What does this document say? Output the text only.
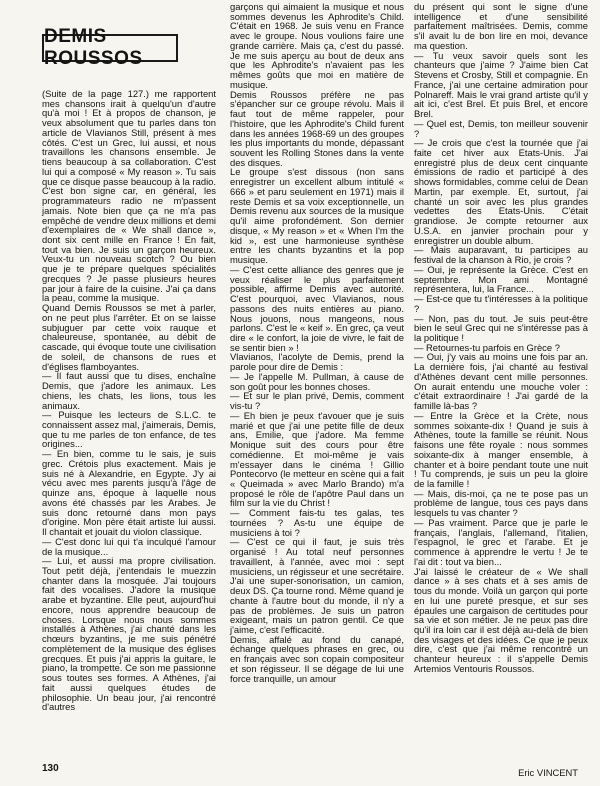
DEMIS ROUSSOS

(Suite de la page 127.) me rapportent mes chansons irait à quelqu'un d'autre qu'à moi ! Et à propos de chanson, je veux absolument que tu parles dans ton article de Vlavianos Still, présent à mes côtés. C'est un Grec, lui aussi, et nous travaillons les chansons ensemble. Je tiens beaucoup à sa collaboration. C'est lui qui a composé « My reason ». Tu sais que ce disque passe beaucoup à la radio. C'est bon signe car, en général, les programmateurs radio ne m'passent jamais. Note bien que ça ne m'a pas empêché de vendre deux millions et demi d'exemplaires de « We shall dance », dont six cent mille en France ! En fait, tout va bien. Je suis un garçon heureux. Veux-tu un nouveau scotch ? Ou bien que je te prépare quelques spécialités grecques ? Je passe plusieurs heures par jour à faire de la cuisine. J'ai ça dans la peau, comme la musique.

Quand Demis Roussos se met à parler, on ne peut plus l'arrêter. Et on se laisse subjuguer par cette voix rauque et chaleureuse, spontanée, au débit de cascade, qui évoque toute une civilisation de soleil, de chansons de rues et d'églises flamboyantes.

— Il faut aussi que tu dises, enchaîne Demis, que j'adore les animaux. Les chiens, les chats, les lions, tous les animaux.

— Puisque les lecteurs de S.L.C. te connaissent assez mal, j'aimerais, Demis, que tu me parles de ton enfance, de tes origines...

— En bien, comme tu le sais, je suis grec. Crétois plus exactement. Mais je suis né à Alexandrie, en Egypte. J'y ai vécu avec mes parents jusqu'à l'âge de quinze ans, époque à laquelle nous avons été chassés par les Arabes. Je suis donc retourné dans mon pays d'origine. Mon père était artiste lui aussi. Il chantait et jouait du violon classique.

— C'est donc lui qui t'a inculqué l'amour de la musique...

— Lui, et aussi ma propre civilisation. Tout petit déjà, j'entendais le muezzin chanter dans la mosquée. J'ai toujours fait des vocalises. J'adore la musique arabe et byzantine. Elle peut, aujourd'hui encore, nous apprendre beaucoup de choses. Lorsque nous nous sommes installés à Athènes, j'ai chanté dans les chœurs byzantins, je me suis pénétré complètement de la musique des églises grecques. Et puis j'ai appris la guitare, le piano, la trompette. Ce son me passionne sous toutes ses formes. A Athènes, j'ai fait aussi quelques études de philosophie. Un beau jour, j'ai rencontré d'autres

garçons qui aimaient la musique et nous sommes devenus les Aphrodite's Child. C'était en 1968. Je suis venu en France avec le groupe. Nous voulions faire une grande carrière. Mais ça, c'est du passé. Je me suis aperçu au bout de deux ans que les Aphrodite's n'avaient pas les mêmes goûts que moi en matière de musique.

Demis Roussos préfère ne pas s'épancher sur ce groupe révolu. Mais il faut tout de même rappeler, pour l'histoire, que les Aphrodite's Child furent dans les années 1968-69 un des groupes les plus importants du monde, dépassant souvent les Rolling Stones dans la vente des disques.

Le groupe s'est dissous (non sans enregistrer un excellent album intitulé « 666 » et paru seulement en 1971) mais il reste Demis et sa voix exceptionnelle, un Demis revenu aux sources de la musique qu'il aime profondément. Son dernier disque, « My reason » et « When I'm the kid », est une harmonieuse synthèse entre les chants byzantins et la pop musique.

— C'est cette alliance des genres que je veux réaliser le plus parfaitement possible, affirme Demis avec autorité. C'est pourquoi, avec Vlavianos, nous passons des nuits entières au piano. Nous jouons, nous mangeons, nous parlons. C'est le « keif ». En grec, ça veut dire « le confort, la joie de vivre, le fait de se sentir bien » !

Vlavianos, l'acolyte de Demis, prend la parole pour dire de Demis :

— Je l'appelle M. Pullman, à cause de son goût pour les bonnes choses.

— Et sur le plan privé, Demis, comment vis-tu ?

— Eh bien je peux t'avouer que je suis marié et que j'ai une petite fille de deux ans, Emilie, que j'adore. Ma femme Monique suit des cours pour être comédienne. Et moi-même je vais m'essayer dans le cinéma ! Gillio Pontecorvo (le metteur en scène qui a fait « Queimada » avec Marlo Brando) m'a proposé le rôle de l'apôtre Paul dans un film sur la vie du Christ !

— Comment fais-tu tes galas, tes tournées ? As-tu une équipe de musiciens à toi ?

— C'est ce qui il faut, je suis très organisé ! Au total neuf personnes travaillent, à l'année, avec moi : sept musiciens, un régisseur et une secrétaire. J'ai une super-sonorisation, un camion, deux DS. Ça tourne rond. Même quand je chante à l'autre bout du monde, il n'y a pas de problèmes. Je suis un patron exigeant, mais un patron gentil. Ce que j'aime, c'est l'efficacité.

Demis, affalé au fond du canapé, échange quelques phrases en grec, ou en français avec son copain compositeur et son régisseur. Il se dégage de lui une force tranquille, un amour

du présent qui sont le signe d'une intelligence et d'une sensibilité parfaitement maîtrisées. Demis, comme s'il avait lu de bon lire en moi, devance ma question.

— Tu veux savoir quels sont les chanteurs que j'aime ? J'aime bien Cat Stevens et Crosby, Still et compagnie. En France, j'ai une certaine admiration pour Polnareff. Mais le vrai grand artiste qu'il y ait ici, c'est Brel. Et puis Brel, et encore Brel.

— Quel est, Demis, ton meilleur souvenir ?

— Je crois que c'est la tournée que j'ai faite cet hiver aux Etats-Unis. J'ai enregistré plus de deux cent cinquante émissions de radio et participé à des shows formidables, comme celui de Dean Martin, par exemple. Et, surtout, j'ai chanté un soir avec les plus grandes vedettes des Etats-Unis. C'était grandiose. Je compte retourner aux U.S.A. en janvier prochain pour y enregistrer un double album.

— Mais auparavant, tu participes au festival de la chanson à Rio, je crois ?

— Oui, je représente la Grèce. C'est en septembre. Mon ami Montagné représentera, lui, la France...

— Est-ce que tu t'intéresses à la politique ?

— Non, pas du tout. Je suis peut-être bien le seul Grec qui ne s'intéresse pas à la politique !

— Retournes-tu parfois en Grèce ?

— Oui, j'y vais au moins une fois par an. La dernière fois, j'ai chanté au festival d'Athènes devant cent mille personnes. On aurait entendu une mouche voler : c'était extraordinaire ! J'ai gardé de la famille là-bas ?

— Entre la Grèce et la Crète, nous sommes soixante-dix ! Quand je suis à Athènes, toute la famille se réunit. Nous faisons une fête royale : nous sommes soixante-dix à manger ensemble, à chanter et à boire pendant toute une nuit ! Tu comprends, je suis un peu la gloire de la famille !

— Mais, dis-moi, ça ne te pose pas un problème de langue, tous ces pays dans lesquels tu vas chanter ?

— Pas vraiment. Parce que je parle le français, l'anglais, l'allemand, l'italien, l'espagnol, le grec et l'arabe. Et je commence à apprendre le vertu ! Je te l'ai dit : tout va bien...

J'ai laissé le créateur de « We shall dance » à ses chats et à ses amis de tous du monde. Voilà un garçon qui porte en lui une pureté presque, et sur ses épaules une cargaison de certitudes pour sa vie et son métier. Je ne peux pas dire qu'il ira loin car il est déjà au-delà de bien des visages et des idées. Ce que je peux dire, c'est que j'ai même rencontré un chanteur heureux : il s'appelle Demis Artemios Ventouris Roussos.

130	Eric VINCENT
